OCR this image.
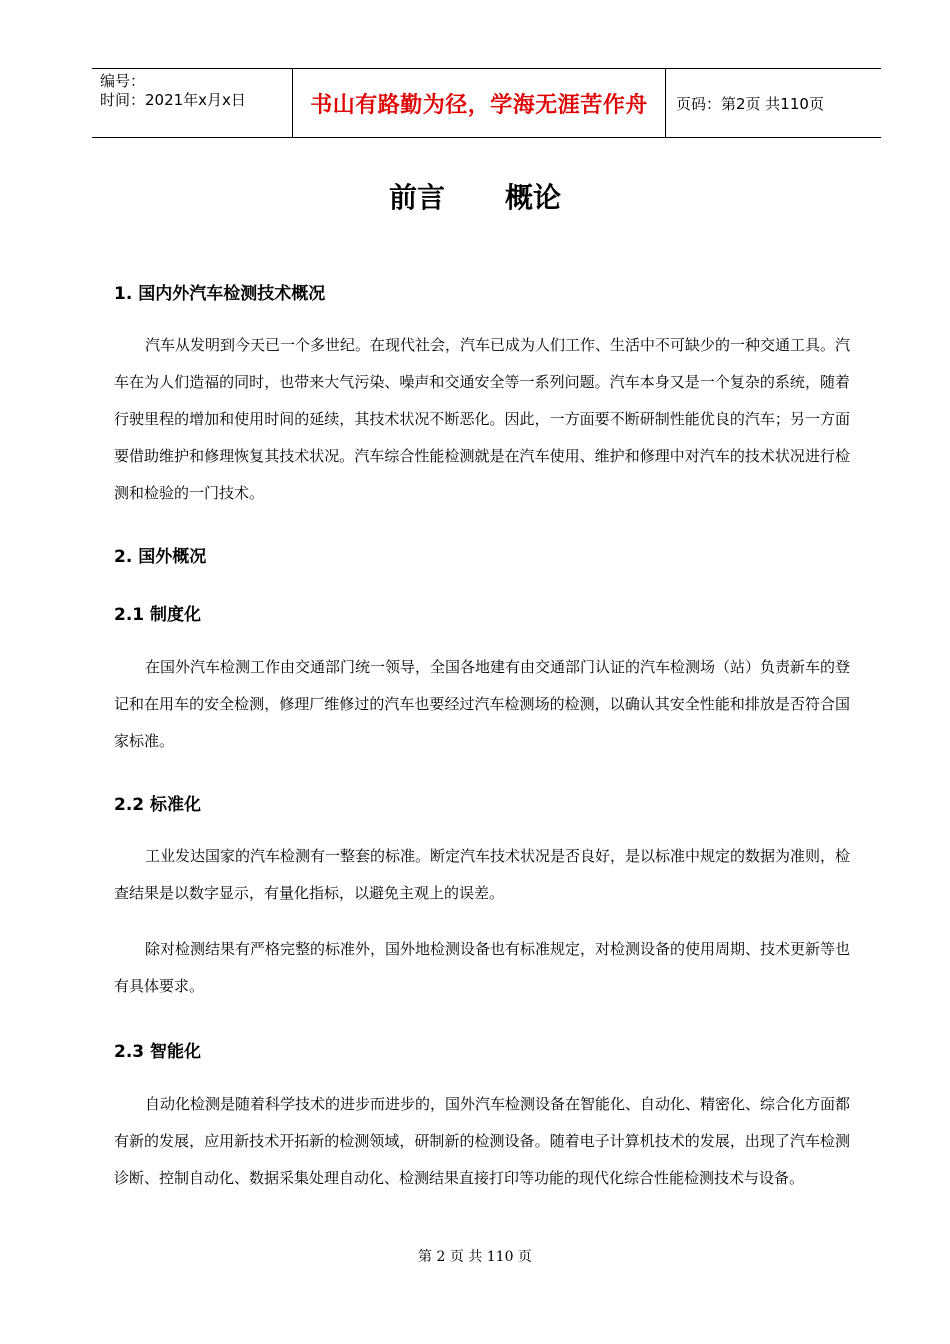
编号：
时间：2021年x月x日	书山有路勤为径，学海无涯苦作舟	页码：第2页 共110页
前言 概论
1. 国内外汽车检测技术概况

汽车从发明到今天已一个多世纪。在现代社会，汽车已成为人们工作、生活中不可缺少的一种交通工具。汽车在为人们造福的同时，也带来大气污染、噪声和交通安全等一系列问题。汽车本身又是一个复杂的系统，随着行驶里程的增加和使用时间的延续，其技术状况不断恶化。因此，一方面要不断研制性能优良的汽车；另一方面要借助维护和修理恢复其技术状况。汽车综合性能检测就是在汽车使用、维护和修理中对汽车的技术状况进行检测和检验的一门技术。

2. 国外概况
2.1 制度化

在国外汽车检测工作由交通部门统一领导，全国各地建有由交通部门认证的汽车检测场（站）负责新车的登记和在用车的安全检测，修理厂维修过的汽车也要经过汽车检测场的检测，以确认其安全性能和排放是否符合国家标准。

2.2 标准化

工业发达国家的汽车检测有一整套的标准。断定汽车技术状况是否良好，是以标准中规定的数据为准则，检查结果是以数字显示，有量化指标，以避免主观上的误差。

除对检测结果有严格完整的标准外，国外地检测设备也有标准规定，对检测设备的使用周期、技术更新等也有具体要求。

2.3 智能化

自动化检测是随着科学技术的进步而进步的，国外汽车检测设备在智能化、自动化、精密化、综合化方面都有新的发展，应用新技术开拓新的检测领域，研制新的检测设备。随着电子计算机技术的发展，出现了汽车检测诊断、控制自动化、数据采集处理自动化、检测结果直接打印等功能的现代化综合性能检测技术与设备。

第 2 页 共 110 页
